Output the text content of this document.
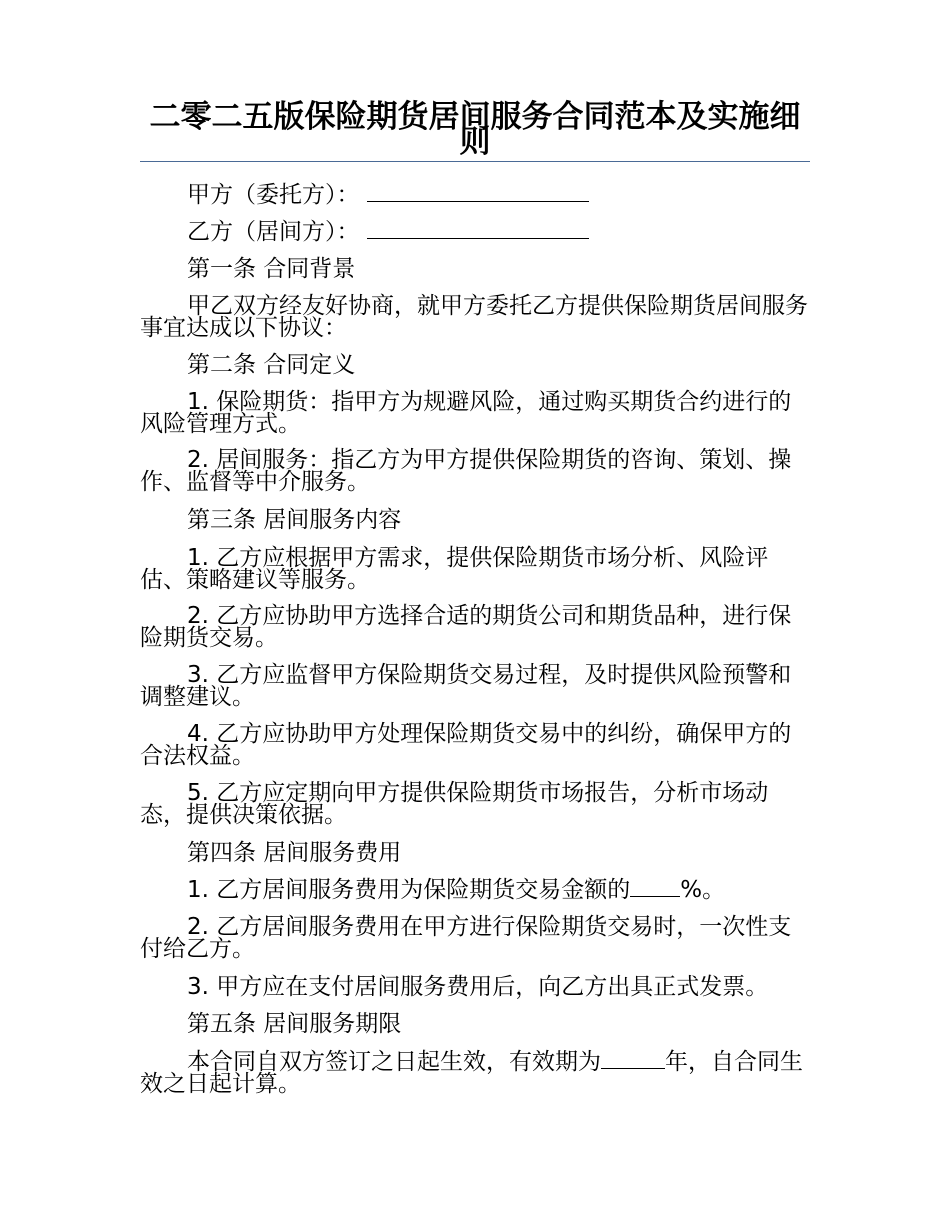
二零二五版保险期货居间服务合同范本及实施细则
甲方（委托方）：
乙方（居间方）：
第一条 合同背景
甲乙双方经友好协商，就甲方委托乙方提供保险期货居间服务事宜达成以下协议：
第二条 合同定义
1. 保险期货：指甲方为规避风险，通过购买期货合约进行的风险管理方式。
2. 居间服务：指乙方为甲方提供保险期货的咨询、策划、操作、监督等中介服务。
第三条 居间服务内容
1. 乙方应根据甲方需求，提供保险期货市场分析、风险评估、策略建议等服务。
2. 乙方应协助甲方选择合适的期货公司和期货品种，进行保险期货交易。
3. 乙方应监督甲方保险期货交易过程，及时提供风险预警和调整建议。
4. 乙方应协助甲方处理保险期货交易中的纠纷，确保甲方的合法权益。
5. 乙方应定期向甲方提供保险期货市场报告，分析市场动态，提供决策依据。
第四条 居间服务费用
1. 乙方居间服务费用为保险期货交易金额的 %。
2. 乙方居间服务费用在甲方进行保险期货交易时，一次性支付给乙方。
3. 甲方应在支付居间服务费用后，向乙方出具正式发票。
第五条 居间服务期限
本合同自双方签订之日起生效，有效期为	年，自合同生效之日起计算。
